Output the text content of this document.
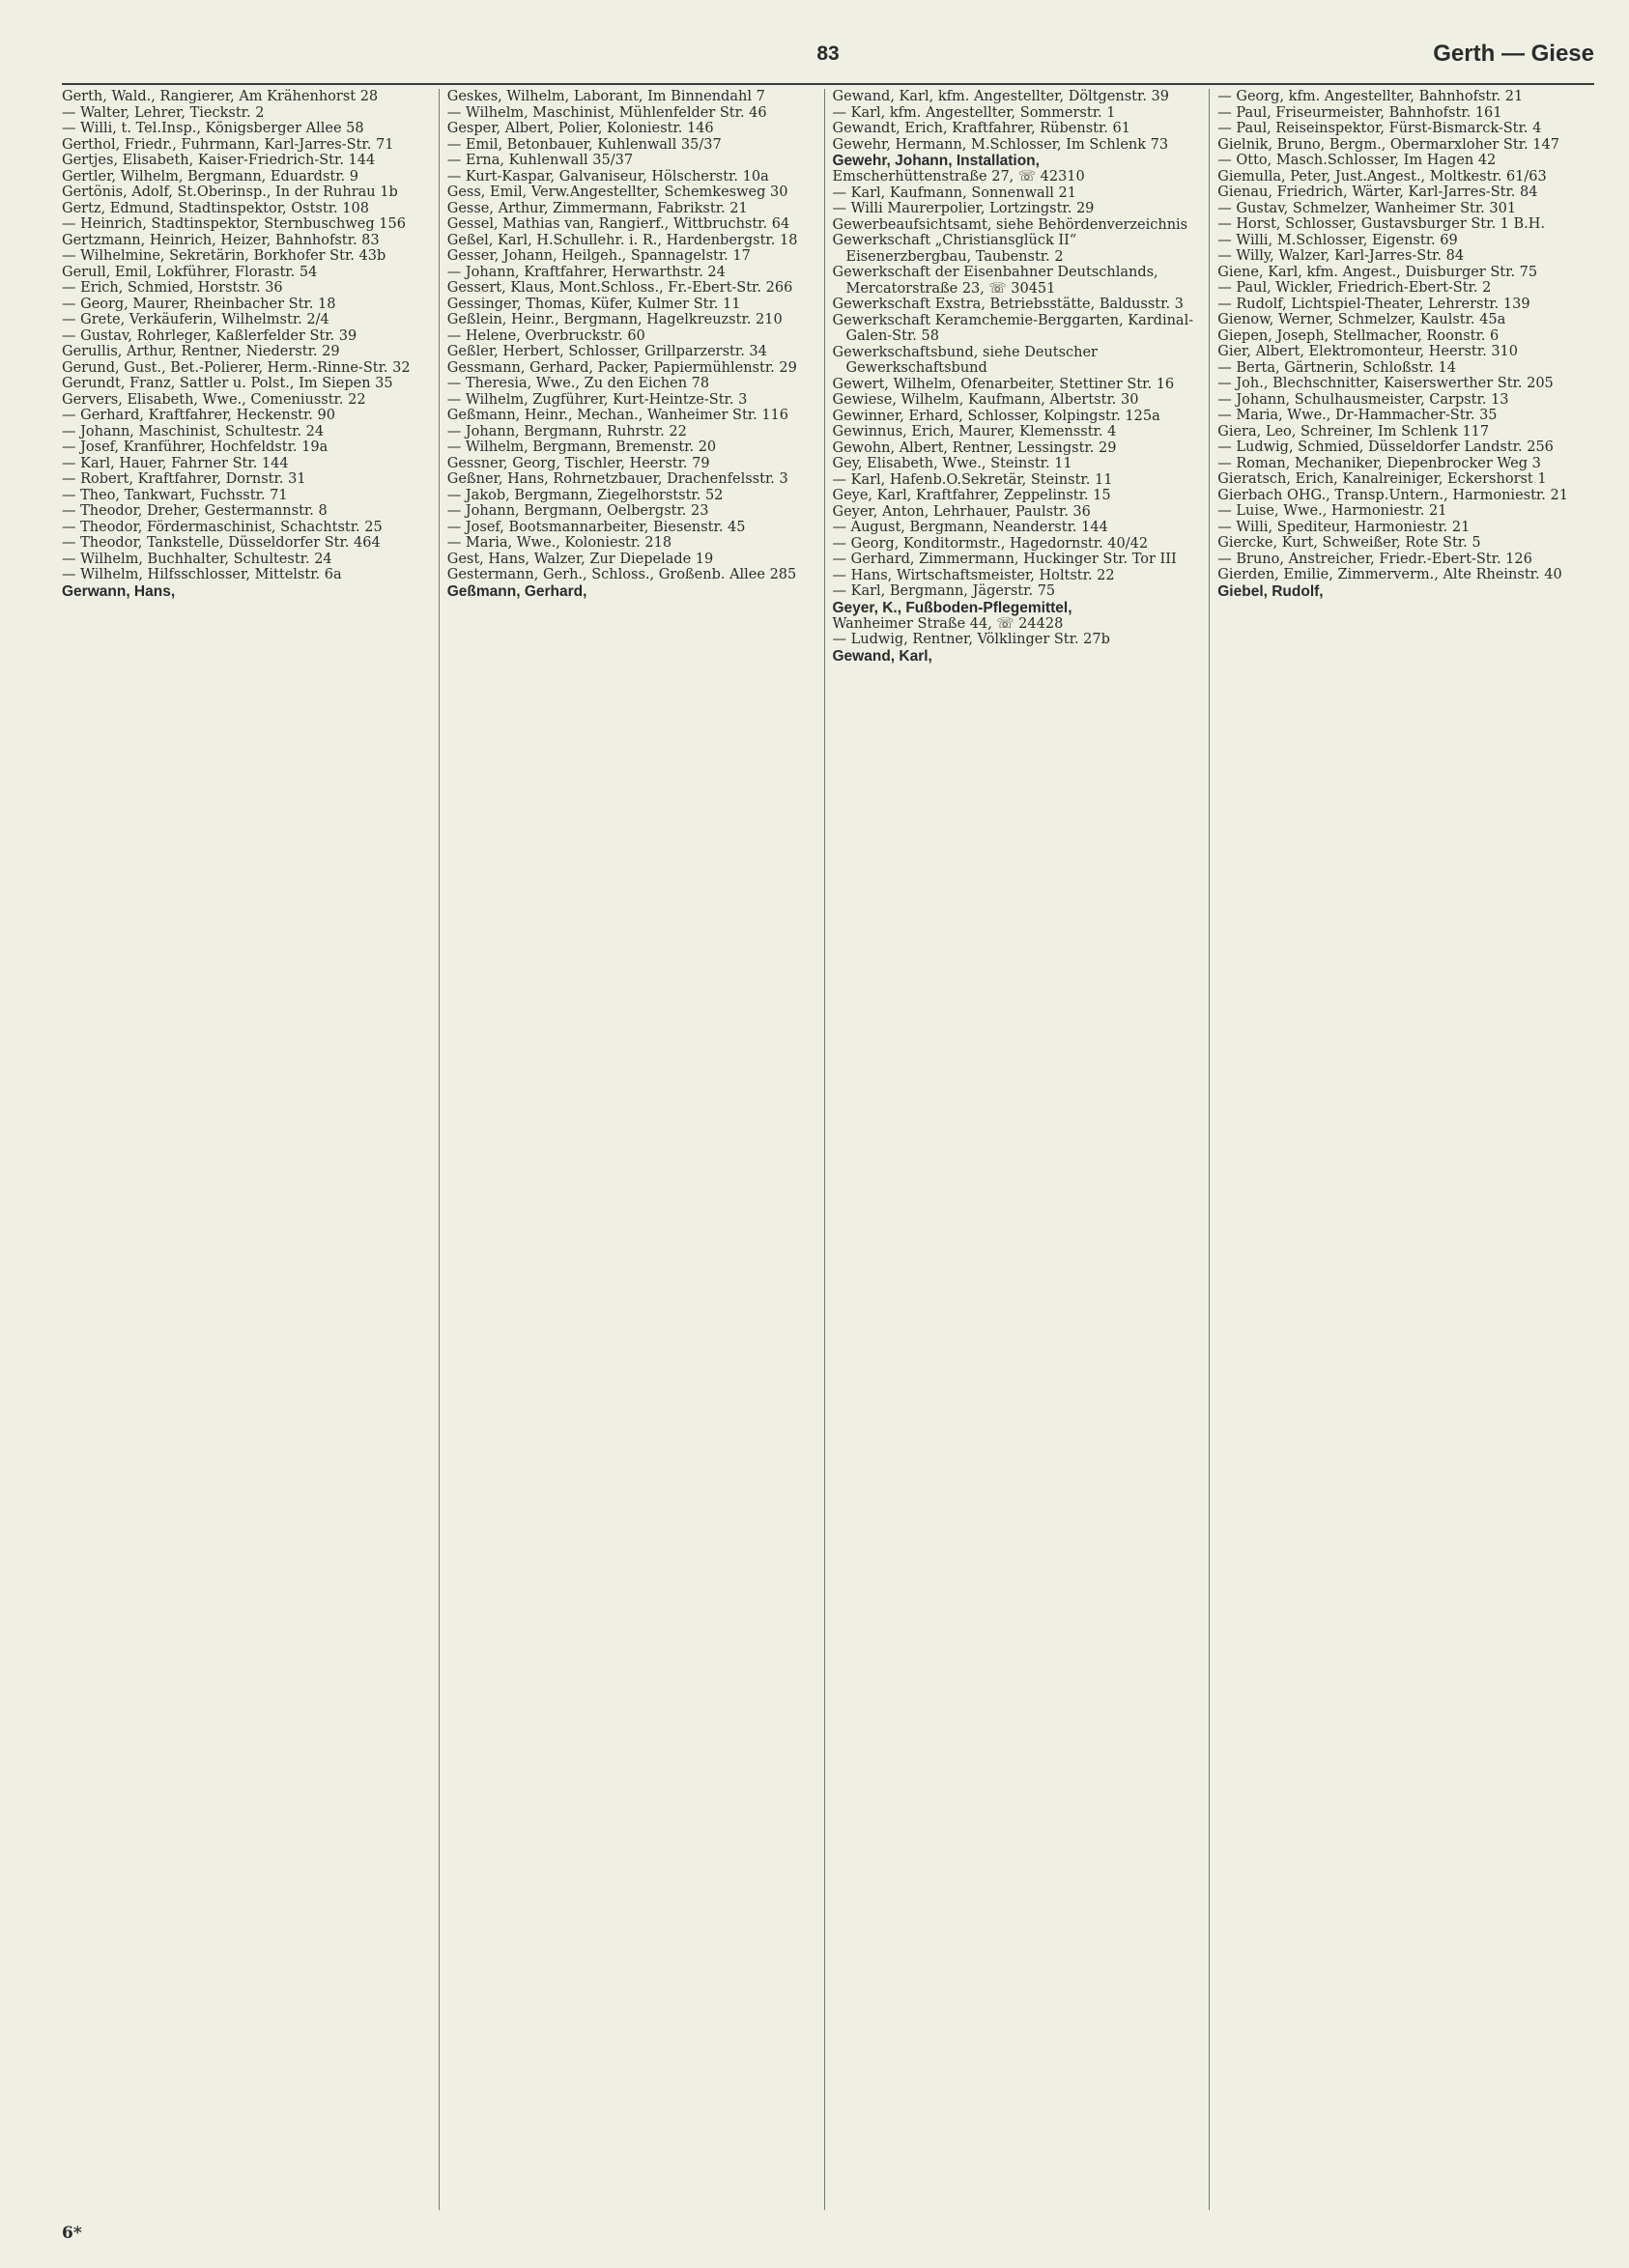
83	Gerth — Giese

Gerth, Wald., Rangierer, Am Krähenhorst 28

— Walter, Lehrer, Tieckstr. 2

— Willi, t. Tel.Insp., Königsberger Allee 58

Gerthol, Friedr., Fuhrmann, Karl-Jarres-Str. 71

Gertjes, Elisabeth, Kaiser-Friedrich-Str. 144

Gertler, Wilhelm, Bergmann, Eduardstr. 9

Gertönis, Adolf, St.Oberinsp., In der Ruhrau 1b

Gertz, Edmund, Stadtinspektor, Oststr. 108

— Heinrich, Stadtinspektor, Sternbuschweg 156

Gertzmann, Heinrich, Heizer, Bahnhofstr. 83

— Wilhelmine, Sekretärin, Borkhofer Str. 43b

Gerull, Emil, Lokführer, Florastr. 54

— Erich, Schmied, Horststr. 36

— Georg, Maurer, Rheinbacher Str. 18

— Grete, Verkäuferin, Wilhelmstr. 2/4

— Gustav, Rohrleger, Kaßlerfelder Str. 39

Gerullis, Arthur, Rentner, Niederstr. 29

Gerund, Gust., Bet.-Polierer, Herm.-Rinne-Str. 32

Gerundt, Franz, Sattler u. Polst., Im Siepen 35

Gervers, Elisabeth, Wwe., Comeniusstr. 22

— Gerhard, Kraftfahrer, Heckenstr. 90

— Johann, Maschinist, Schultestr. 24

— Josef, Kranführer, Hochfeldstr. 19a

— Karl, Hauer, Fahrner Str. 144

— Robert, Kraftfahrer, Dornstr. 31

— Theo, Tankwart, Fuchsstr. 71

— Theodor, Dreher, Gestermannstr. 8

— Theodor, Fördermaschinist, Schachtstr. 25

— Theodor, Tankstelle, Düsseldorfer Str. 464

— Wilhelm, Buchhalter, Schultestr. 24

— Wilhelm, Hilfsschlosser, Mittelstr. 6a

Gerwann, Hans,

Geskes, Wilhelm, Laborant, Im Binnendahl 7

— Wilhelm, Maschinist, Mühlenfelder Str. 46

Gesper, Albert, Polier, Koloniestr. 146

— Emil, Betonbauer, Kuhlenwall 35/37

— Erna, Kuhlenwall 35/37

— Kurt-Kaspar, Galvaniseur, Hölscherstr. 10a

Gess, Emil, Verw.Angestellter, Schemkesweg 30

Gesse, Arthur, Zimmermann, Fabrikstr. 21

Gessel, Mathias van, Rangierf., Wittbruchstr. 64

Geßel, Karl, H.Schullehr. i. R., Hardenbergstr. 18

Gesser, Johann, Heilgeh., Spannagelstr. 17

— Johann, Kraftfahrer, Herwarthstr. 24

Gessert, Klaus, Mont.Schloss., Fr.-Ebert-Str. 266

Gessinger, Thomas, Küfer, Kulmer Str. 11

Geßlein, Heinr., Bergmann, Hagelkreuzstr. 210

— Helene, Overbruckstr. 60

Geßler, Herbert, Schlosser, Grillparzerstr. 34

Gessmann, Gerhard, Packer, Papiermühlenstr. 29

— Theresia, Wwe., Zu den Eichen 78

— Wilhelm, Zugführer, Kurt-Heintze-Str. 3

Geßmann, Heinr., Mechan., Wanheimer Str. 116

— Johann, Bergmann, Ruhrstr. 22

— Wilhelm, Bergmann, Bremenstr. 20

Gessner, Georg, Tischler, Heerstr. 79

Geßner, Hans, Rohrnetzbauer, Drachenfelsstr. 3

— Jakob, Bergmann, Ziegelhorststr. 52

— Johann, Bergmann, Oelbergstr. 23

— Josef, Bootsmannarbeiter, Biesenstr. 45

— Maria, Wwe., Koloniestr. 218

Gest, Hans, Walzer, Zur Diepelade 19

Gestermann, Gerh., Schloss., Großenb. Allee 285

Geßmann, Gerhard,

Gewand, Karl, kfm. Angestellter, Döltgenstr. 39

— Karl, kfm. Angestellter, Sommerstr. 1

Gewandt, Erich, Kraftfahrer, Rübenstr. 61

Gewehr, Hermann, M.Schlosser, Im Schlenk 73

Gewehr, Johann, Installation,

Emscherhüttenstraße 27, ☏ 42310

— Karl, Kaufmann, Sonnenwall 21

— Willi Maurerpolier, Lortzingstr. 29

Gewerbeaufsichtsamt, siehe Behördenverzeichnis

Gewerkschaft „Christiansglück II“ Eisenerzbergbau, Taubenstr. 2

Gewerkschaft der Eisenbahner Deutschlands, Mercatorstraße 23, ☏ 30451

Gewerkschaft Exstra, Betriebsstätte, Baldusstr. 3

Gewerkschaft Keramchemie-Berggarten, Kardinal-Galen-Str. 58

Gewerkschaftsbund, siehe Deutscher Gewerkschaftsbund

Gewert, Wilhelm, Ofenarbeiter, Stettiner Str. 16

Gewiese, Wilhelm, Kaufmann, Albertstr. 30

Gewinner, Erhard, Schlosser, Kolpingstr. 125a

Gewinnus, Erich, Maurer, Klemensstr. 4

Gewohn, Albert, Rentner, Lessingstr. 29

Gey, Elisabeth, Wwe., Steinstr. 11

— Karl, Hafenb.O.Sekretär, Steinstr. 11

Geye, Karl, Kraftfahrer, Zeppelinstr. 15

Geyer, Anton, Lehrhauer, Paulstr. 36

— August, Bergmann, Neanderstr. 144

— Georg, Konditormstr., Hagedornstr. 40/42

— Gerhard, Zimmermann, Huckinger Str. Tor III

— Hans, Wirtschaftsmeister, Holtstr. 22

— Karl, Bergmann, Jägerstr. 75

Geyer, K., Fußboden-Pflegemittel,

Wanheimer Straße 44, ☏ 24428

— Ludwig, Rentner, Völklinger Str. 27b

Gewand, Karl,

— Georg, kfm. Angestellter, Bahnhofstr. 21

— Paul, Friseurmeister, Bahnhofstr. 161

— Paul, Reiseinspektor, Fürst-Bismarck-Str. 4

Gielnik, Bruno, Bergm., Obermarxloher Str. 147

— Otto, Masch.Schlosser, Im Hagen 42

Giemulla, Peter, Just.Angest., Moltkestr. 61/63

Gienau, Friedrich, Wärter, Karl-Jarres-Str. 84

— Gustav, Schmelzer, Wanheimer Str. 301

— Horst, Schlosser, Gustavsburger Str. 1 B.H.

— Willi, M.Schlosser, Eigenstr. 69

— Willy, Walzer, Karl-Jarres-Str. 84

Giene, Karl, kfm. Angest., Duisburger Str. 75

— Paul, Wickler, Friedrich-Ebert-Str. 2

— Rudolf, Lichtspiel-Theater, Lehrerstr. 139

Gienow, Werner, Schmelzer, Kaulstr. 45a

Giepen, Joseph, Stellmacher, Roonstr. 6

Gier, Albert, Elektromonteur, Heerstr. 310

— Berta, Gärtnerin, Schloßstr. 14

— Joh., Blechschnitter, Kaiserswerther Str. 205

— Johann, Schulhausmeister, Carpstr. 13

— Maria, Wwe., Dr-Hammacher-Str. 35

Giera, Leo, Schreiner, Im Schlenk 117

— Ludwig, Schmied, Düsseldorfer Landstr. 256

— Roman, Mechaniker, Diepenbrocker Weg 3

Gieratsch, Erich, Kanalreiniger, Eckershorst 1

Gierbach OHG., Transp.Untern., Harmoniestr. 21

— Luise, Wwe., Harmoniestr. 21

— Willi, Spediteur, Harmoniestr. 21

Giercke, Kurt, Schweißer, Rote Str. 5

— Bruno, Anstreicher, Friedr.-Ebert-Str. 126

Gierden, Emilie, Zimmerverm., Alte Rheinstr. 40

Giebel, Rudolf,

6*
